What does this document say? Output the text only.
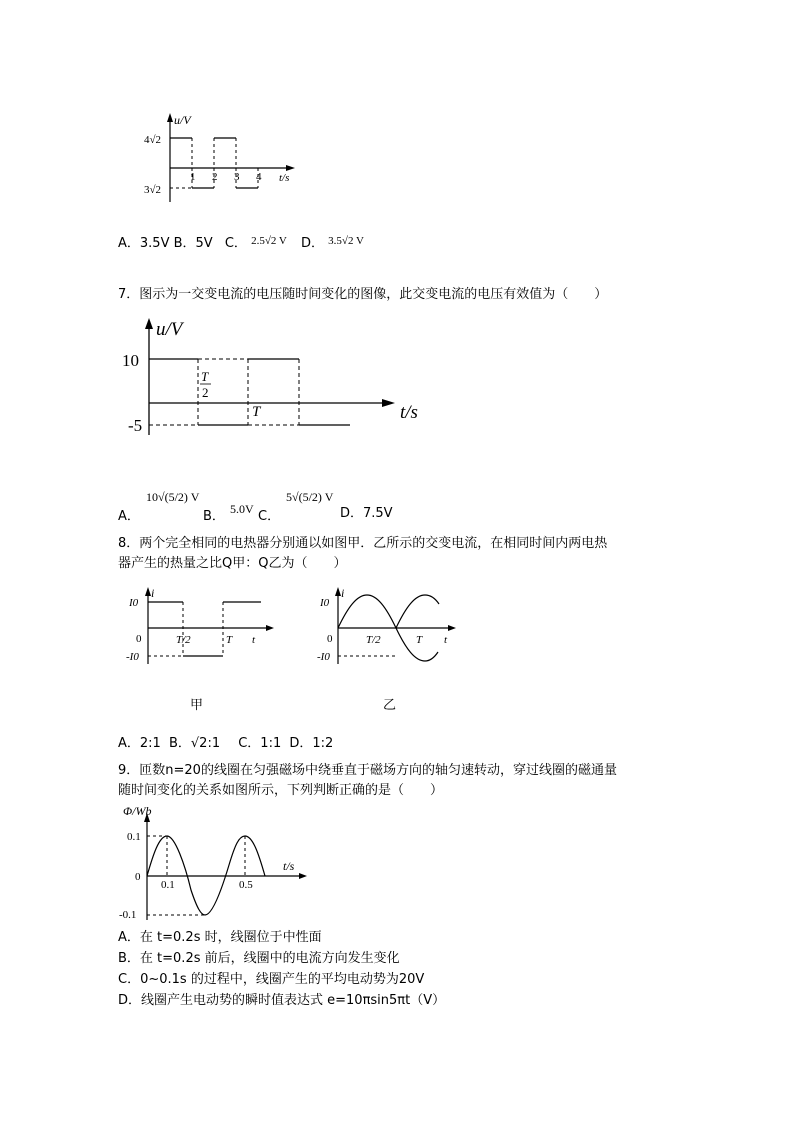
u/V
4√2
3√2
1 2 3 4 t/s
A．3.5V B．5V C． $^{2.5√2 V}$ D． $^{3.5√2 V}$
7．图示为一交变电流的电压随时间变化的图像，此交变电流的电压有效值为（　　）
u/V
10
-5
T
2
T	t/s
A．
10√(5/2) V
B． 5.0V C．
5√(5/2) V
D．7.5V
8．两个完全相同的电热器分别通以如图甲．乙所示的交变电流，在相同时间内两电热
器产生的热量之比Q甲：Q乙为（　　）
i
I0
0
-I0
T/2	T t
i
I0
0
-I0
T/2	T t
甲	乙
A．2:1 B．√2:1 C．1:1 D．1:2
9．匝数n=20的线圈在匀强磁场中绕垂直于磁场方向的轴匀速转动，穿过线圈的磁通量
随时间变化的关系如图所示，下列判断正确的是（　　）
Φ/Wb
0.1
0
-0.1
0.1	0.5
t/s
A．在 t=0.2s 时，线圈位于中性面
B．在 t=0.2s 前后，线圈中的电流方向发生变化
C．0~0.1s 的过程中，线圈产生的平均电动势为20V
D．线圈产生电动势的瞬时值表达式 e=10πsin5πt（V）
